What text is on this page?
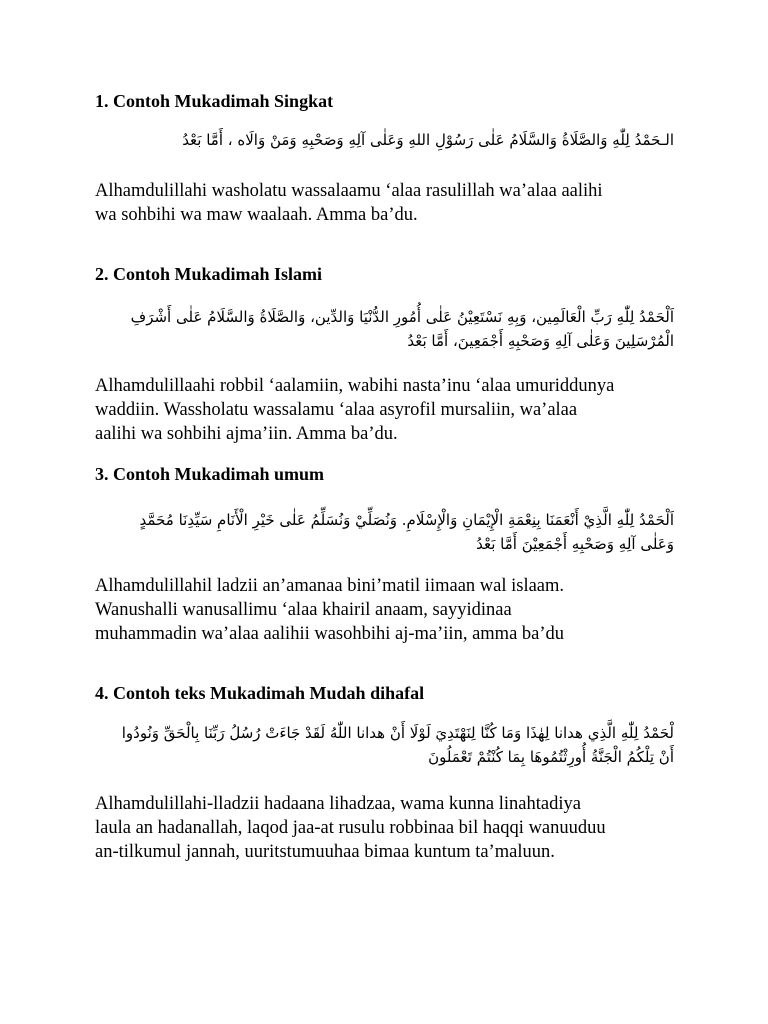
1. Contoh Mukadimah Singkat
الـحَمْدُ لِلّٰهِ وَالصَّلَاةُ وَالسَّلَامُ عَلٰى رَسُوْلِ اللهِ وَعَلٰى آلِهِ وَصَحْبِهِ وَمَنْ وَالَاه ، أَمَّا بَعْدُ
Alhamdulillahi washolatu wassalaamu ‘alaa rasulillah wa’alaa aalihi
wa sohbihi wa maw waalaah. Amma ba’du.
2. Contoh Mukadimah Islami
اَلْحَمْدُ لِلّٰهِ رَبِّ الْعَالَمِين، وَبِهِ نَسْتَعِيْنُ عَلٰى أُمُورِ الدُّنْيَا وَالدِّين، وَالصَّلَاةُ وَالسَّلَامُ عَلٰى أَشْرَفِ
الْمُرْسَلِينَ وَعَلٰى آلِهِ وَصَحْبِهِ أَجْمَعِينَ، أَمَّا بَعْدُ
Alhamdulillaahi robbil ‘aalamiin, wabihi nasta’inu ‘alaa umuriddunya
waddiin. Wassholatu wassalamu ‘alaa asyrofil mursaliin, wa’alaa
aalihi wa sohbihi ajma’iin. Amma ba’du.
3. Contoh Mukadimah umum
اَلْحَمْدُ لِلّٰهِ الَّذِيْ أَنْعَمَنَا بِنِعْمَةِ الْإِيْمَانِ وَالْإِسْلَامِ. وَنُصَلِّيْ وَنُسَلِّمُ عَلٰى خَيْرِ الْأَنَامِ سَيِّدِنَا مُحَمَّدٍ
وَعَلٰى آلِهِ وَصَحْبِهِ أَجْمَعِيْنَ أَمَّا بَعْدُ
Alhamdulillahil ladzii an’amanaa bini’matil iimaan wal islaam.
Wanushalli wanusallimu ‘alaa khairil anaam, sayyidinaa
muhammadin wa’alaa aalihii wasohbihi aj-ma’iin, amma ba’du
4. Contoh teks Mukadimah Mudah dihafal
لْحَمْدُ لِلّٰهِ الَّذِي هدانا لِهٰذَا وَمَا كُنَّا لِنَهْتَدِيَ لَوْلَا أَنْ هدانا اللّٰهُ لَقَدْ جَاءَتْ رُسُلُ رَبِّنَا بِالْحَقِّ وَنُودُوا
أَنْ تِلْكُمُ الْجَنَّةُ أُورِثْتُمُوهَا بِمَا كُنْتُمْ تَعْمَلُونَ
Alhamdulillahi-lladzii hadaana lihadzaa, wama kunna linahtadiya
laula an hadanallah, laqod jaa-at rusulu robbinaa bil haqqi wanuuduu
an-tilkumul jannah, uuritstumuuhaa bimaa kuntum ta’maluun.
